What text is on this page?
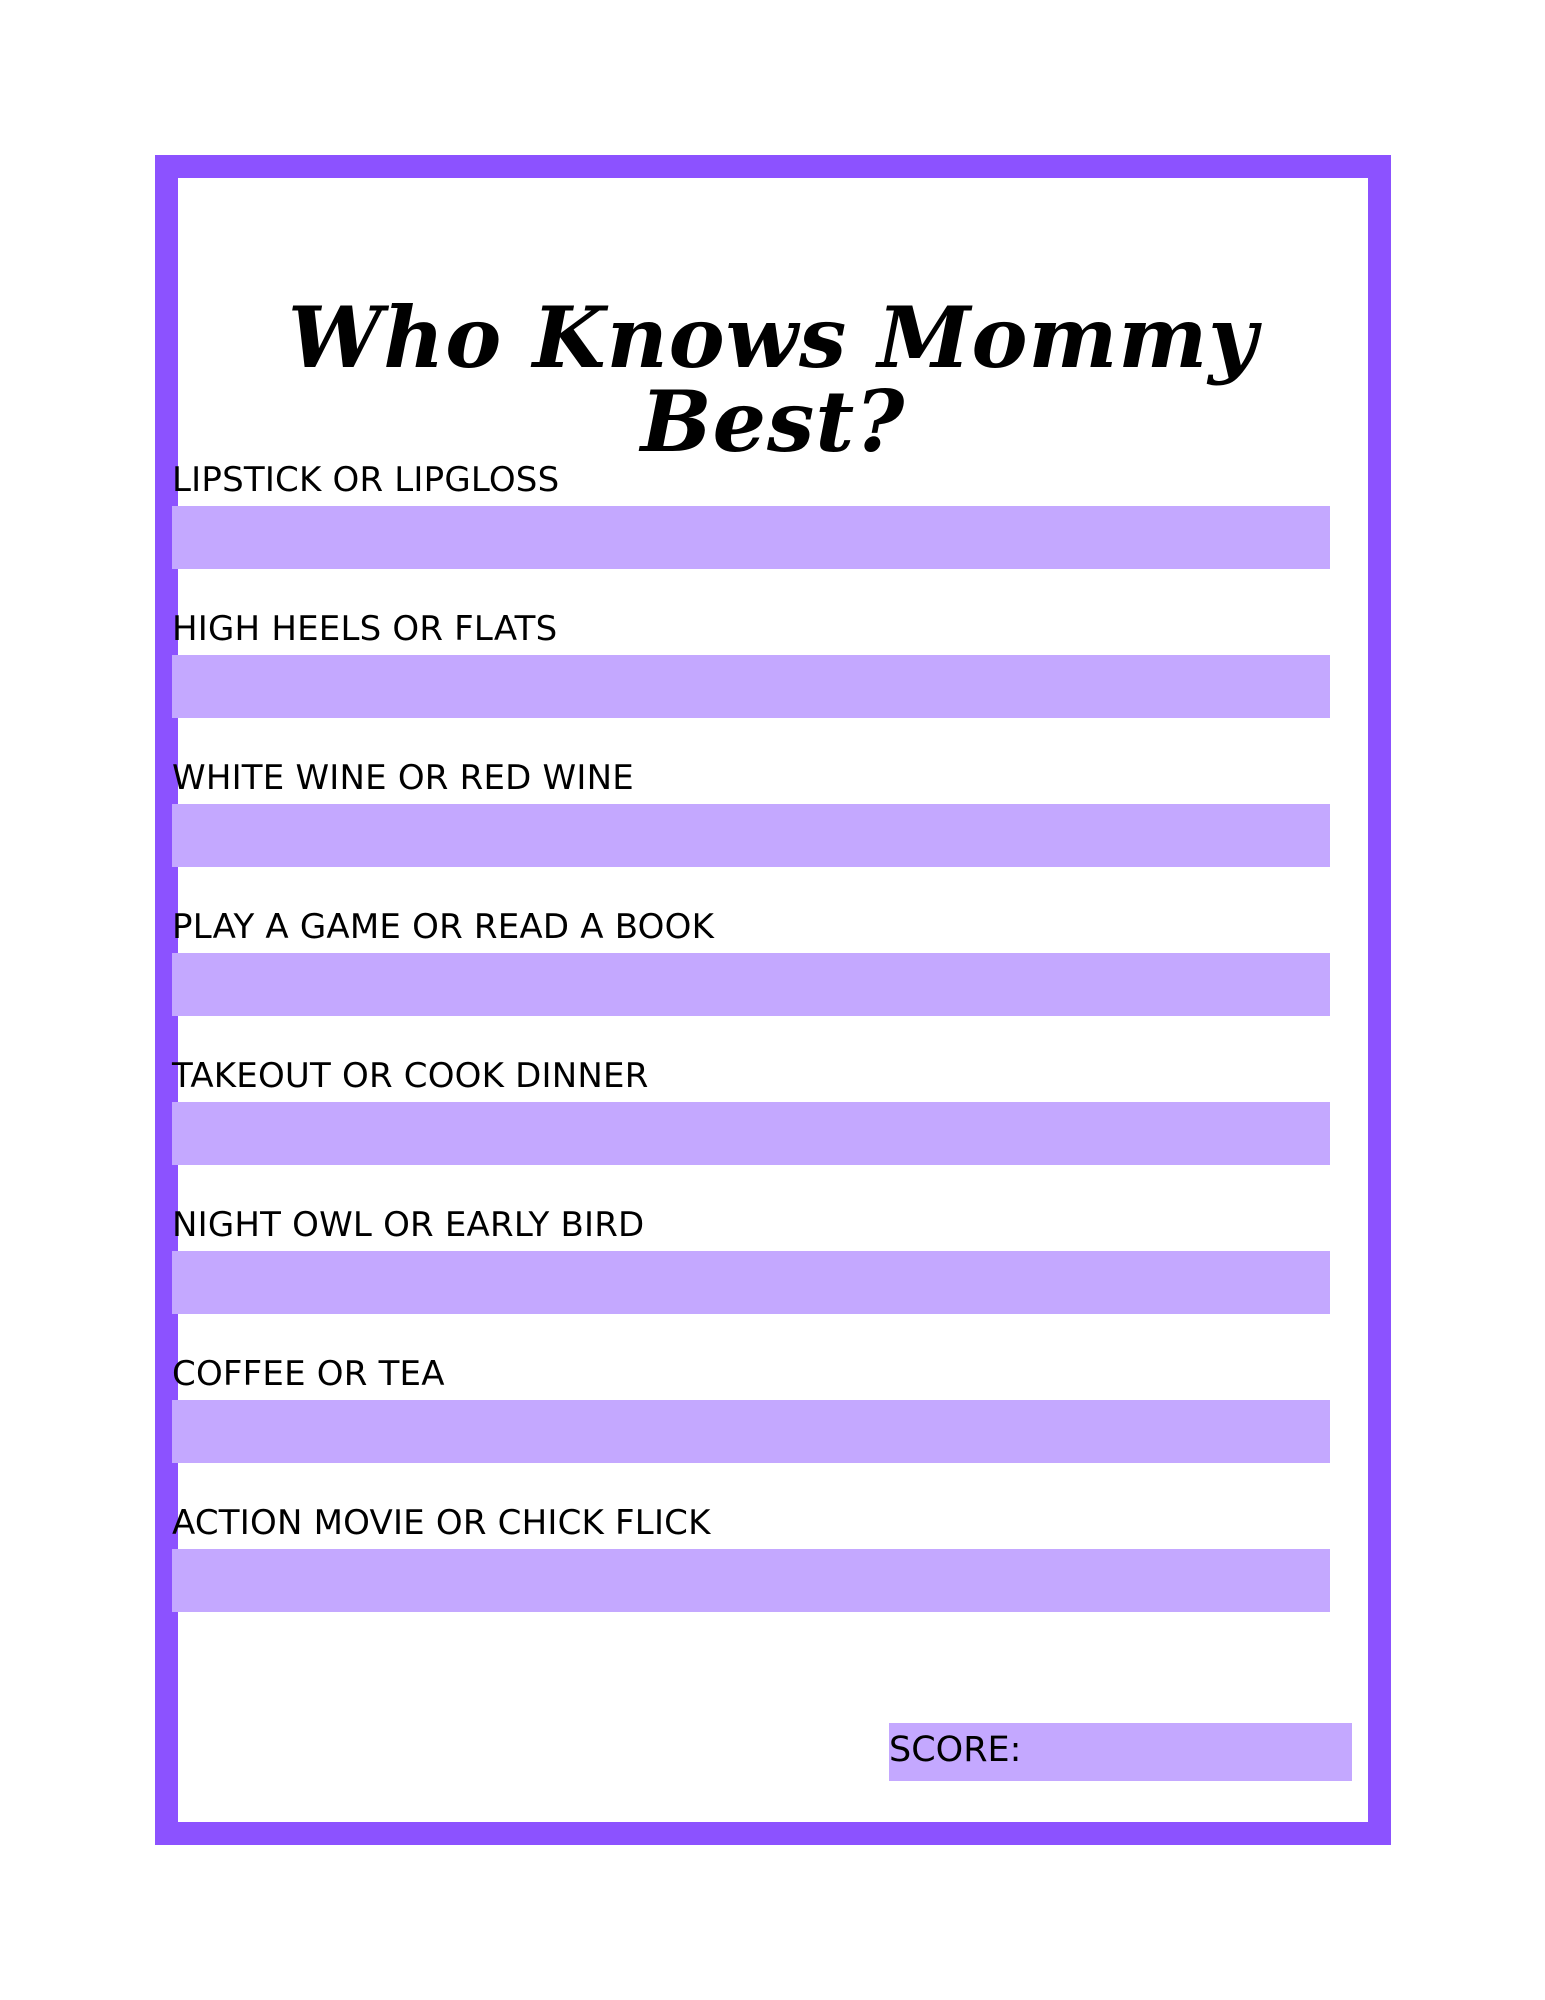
Who Knows Mommy Best?
LIPSTICK OR LIPGLOSS
HIGH HEELS OR FLATS
WHITE WINE OR RED WINE
PLAY A GAME OR READ A BOOK
TAKEOUT OR COOK DINNER
NIGHT OWL OR EARLY BIRD
COFFEE OR TEA
ACTION MOVIE OR CHICK FLICK
SCORE:
